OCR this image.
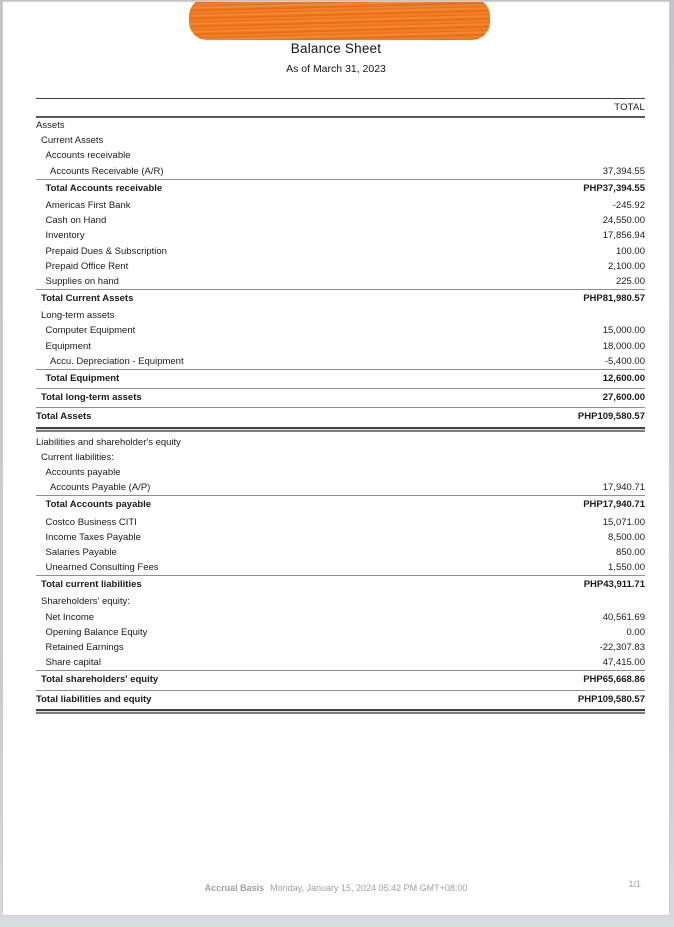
Balance Sheet
As of March 31, 2023
TOTAL
Assets
Current Assets
Accounts receivable
Accounts Receivable (A/R)	37,394.55
Total Accounts receivable	PHP37,394.55
Americas First Bank	-245.92
Cash on Hand	24,550.00
Inventory	17,856.94
Prepaid Dues & Subscription	100.00
Prepaid Office Rent	2,100.00
Supplies on hand	225.00
Total Current Assets	PHP81,980.57
Long-term assets
Computer Equipment	15,000.00
Equipment	18,000.00
Accu. Depreciation - Equipment	-5,400.00
Total Equipment	12,600.00
Total long-term assets	27,600.00
Total Assets	PHP109,580.57
Liabilities and shareholder's equity
Current liabilities:
Accounts payable
Accounts Payable (A/P)	17,940.71
Total Accounts payable	PHP17,940.71
Costco Business CITI	15,071.00
Income Taxes Payable	8,500.00
Salaries Payable	850.00
Unearned Consulting Fees	1,550.00
Total current liabilities	PHP43,911.71
Shareholders' equity:
Net Income	40,561.69
Opening Balance Equity	0.00
Retained Earnings	-22,307.83
Share capital	47,415.00
Total shareholders' equity	PHP65,668.86
Total liabilities and equity	PHP109,580.57
Accrual Basis Monday, January 15, 2024 05:42 PM GMT+08:00	1/1
